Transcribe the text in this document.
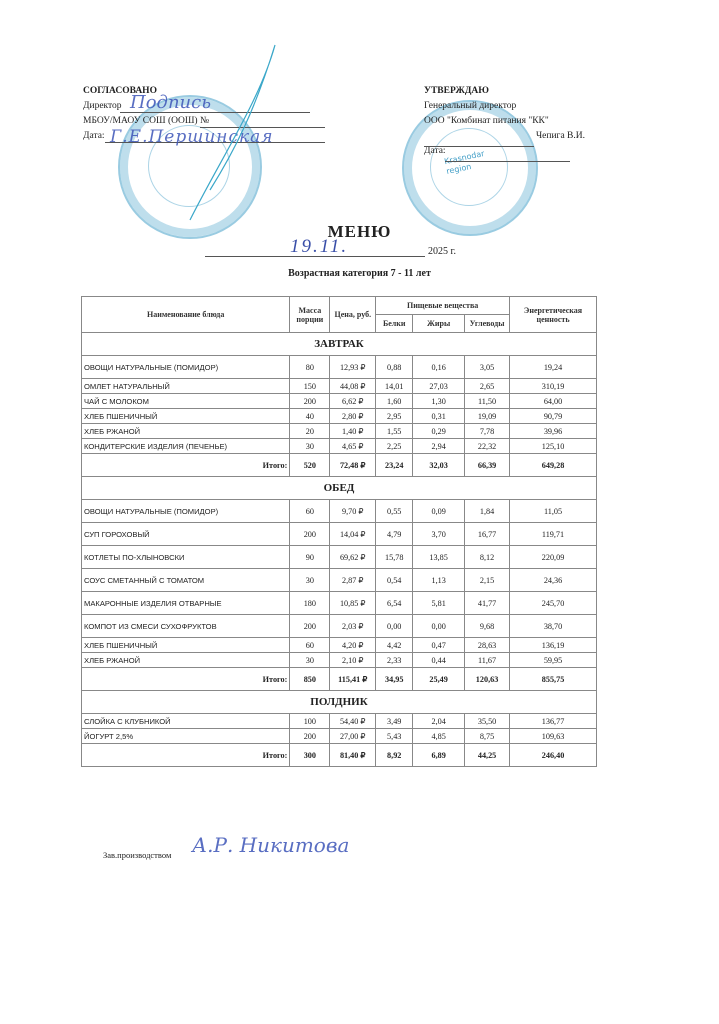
СОГЛАСОВАНО
Директор
МБОУ/МАОУ СОШ (ООШ) №
Дата:
Подпись
Г.Е.Першинская
Krasnodar region
УТВЕРЖДАЮ
Генеральный директор
ООО "Комбинат питания "КК"
Чепига В.И.
Дата:
МЕНЮ
19.11.	2025 г.
Возрастная категория 7 - 11 лет
Наименование блюда	Масса порции	Цена, руб.	Пищевые вещества			Энергетическая ценность
			Белки	Жиры	Углеводы	
ЗАВТРАК						
ОВОЩИ НАТУРАЛЬНЫЕ (ПОМИДОР)	80	12,93 ₽	0,88	0,16	3,05	19,24
ОМЛЕТ НАТУРАЛЬНЫЙ	150	44,08 ₽	14,01	27,03	2,65	310,19
ЧАЙ С МОЛОКОМ	200	6,62 ₽	1,60	1,30	11,50	64,00
ХЛЕБ ПШЕНИЧНЫЙ	40	2,80 ₽	2,95	0,31	19,09	90,79
ХЛЕБ РЖАНОЙ	20	1,40 ₽	1,55	0,29	7,78	39,96
КОНДИТЕРСКИЕ ИЗДЕЛИЯ (ПЕЧЕНЬЕ)	30	4,65 ₽	2,25	2,94	22,32	125,10
Итого:	520	72,48 ₽	23,24	32,03	66,39	649,28
ОБЕД						
ОВОЩИ НАТУРАЛЬНЫЕ (ПОМИДОР)	60	9,70 ₽	0,55	0,09	1,84	11,05
СУП ГОРОХОВЫЙ	200	14,04 ₽	4,79	3,70	16,77	119,71
КОТЛЕТЫ ПО-ХЛЫНОВСКИ	90	69,62 ₽	15,78	13,85	8,12	220,09
СОУС СМЕТАННЫЙ С ТОМАТОМ	30	2,87 ₽	0,54	1,13	2,15	24,36
МАКАРОННЫЕ ИЗДЕЛИЯ ОТВАРНЫЕ	180	10,85 ₽	6,54	5,81	41,77	245,70
КОМПОТ ИЗ СМЕСИ СУХОФРУКТОВ	200	2,03 ₽	0,00	0,00	9,68	38,70
ХЛЕБ ПШЕНИЧНЫЙ	60	4,20 ₽	4,42	0,47	28,63	136,19
ХЛЕБ РЖАНОЙ	30	2,10 ₽	2,33	0,44	11,67	59,95
Итого:	850	115,41 ₽	34,95	25,49	120,63	855,75
ПОЛДНИК						
СЛОЙКА С КЛУБНИКОЙ	100	54,40 ₽	3,49	2,04	35,50	136,77
ЙОГУРТ 2,5%	200	27,00 ₽	5,43	4,85	8,75	109,63
Итого:	300	81,40 ₽	8,92	6,89	44,25	246,40
Зав.производством А.Р. Никитова
